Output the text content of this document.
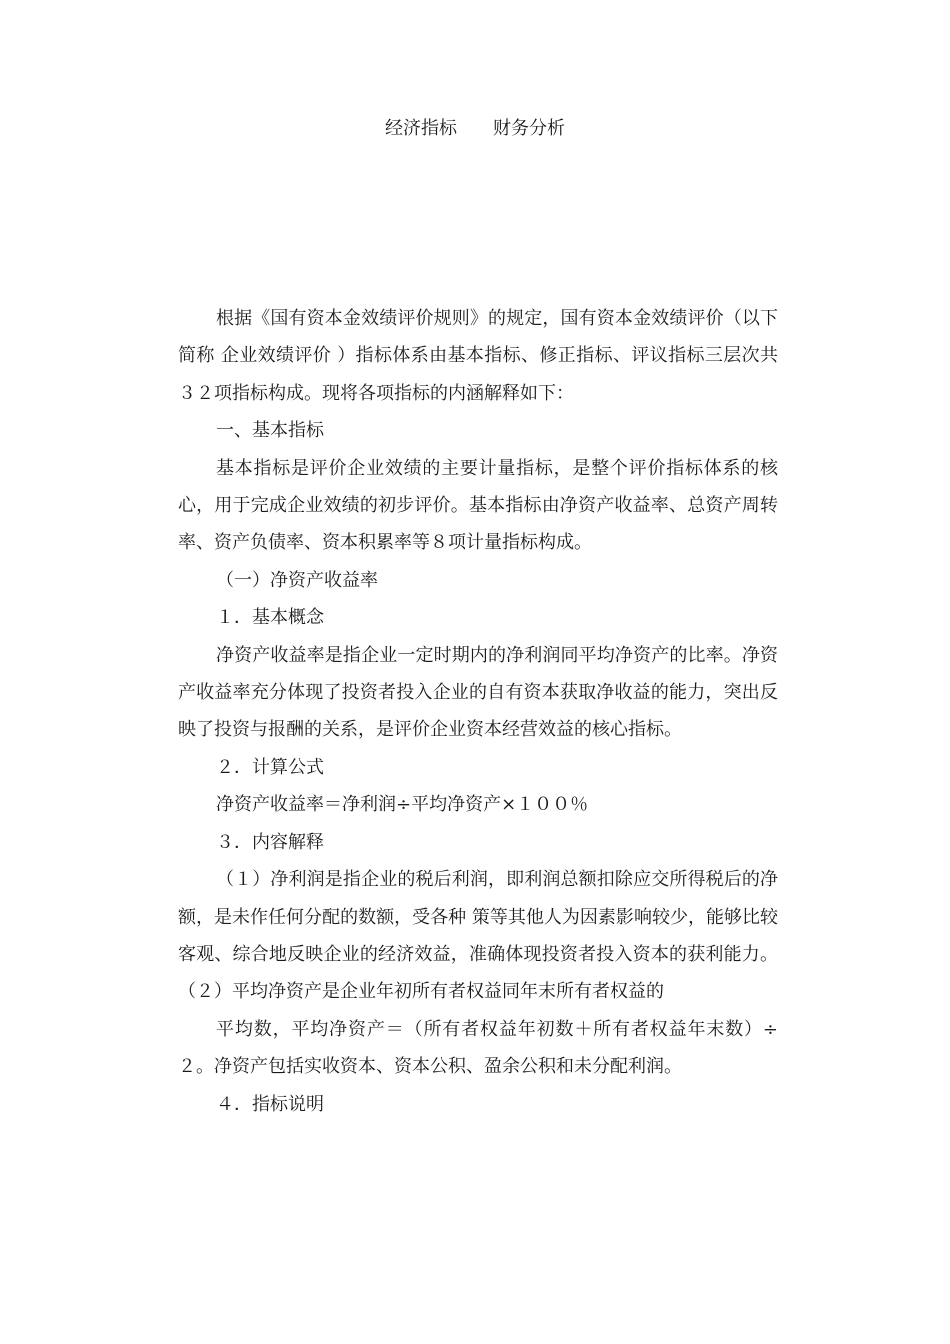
经济指标　　财务分析

根据《国有资本金效绩评价规则》的规定，国有资本金效绩评价（以下简称 企业效绩评价 ）指标体系由基本指标、修正指标、评议指标三层次共３２项指标构成。现将各项指标的内涵解释如下：

一、基本指标

基本指标是评价企业效绩的主要计量指标，是整个评价指标体系的核心，用于完成企业效绩的初步评价。基本指标由净资产收益率、总资产周转率、资产负债率、资本积累率等８项计量指标构成。

（一）净资产收益率

１．基本概念

净资产收益率是指企业一定时期内的净利润同平均净资产的比率。净资产收益率充分体现了投资者投入企业的自有资本获取净收益的能力，突出反映了投资与报酬的关系，是评价企业资本经营效益的核心指标。

２．计算公式

净资产收益率＝净利润÷平均净资产×１００％

３．内容解释

（１）净利润是指企业的税后利润，即利润总额扣除应交所得税后的净额，是未作任何分配的数额，受各种 策等其他人为因素影响较少，能够比较客观、综合地反映企业的经济效益，准确体现投资者投入资本的获利能力。（２）平均净资产是企业年初所有者权益同年末所有者权益的

平均数，平均净资产＝（所有者权益年初数＋所有者权益年末数）÷２。净资产包括实收资本、资本公积、盈余公积和未分配利润。

４．指标说明
